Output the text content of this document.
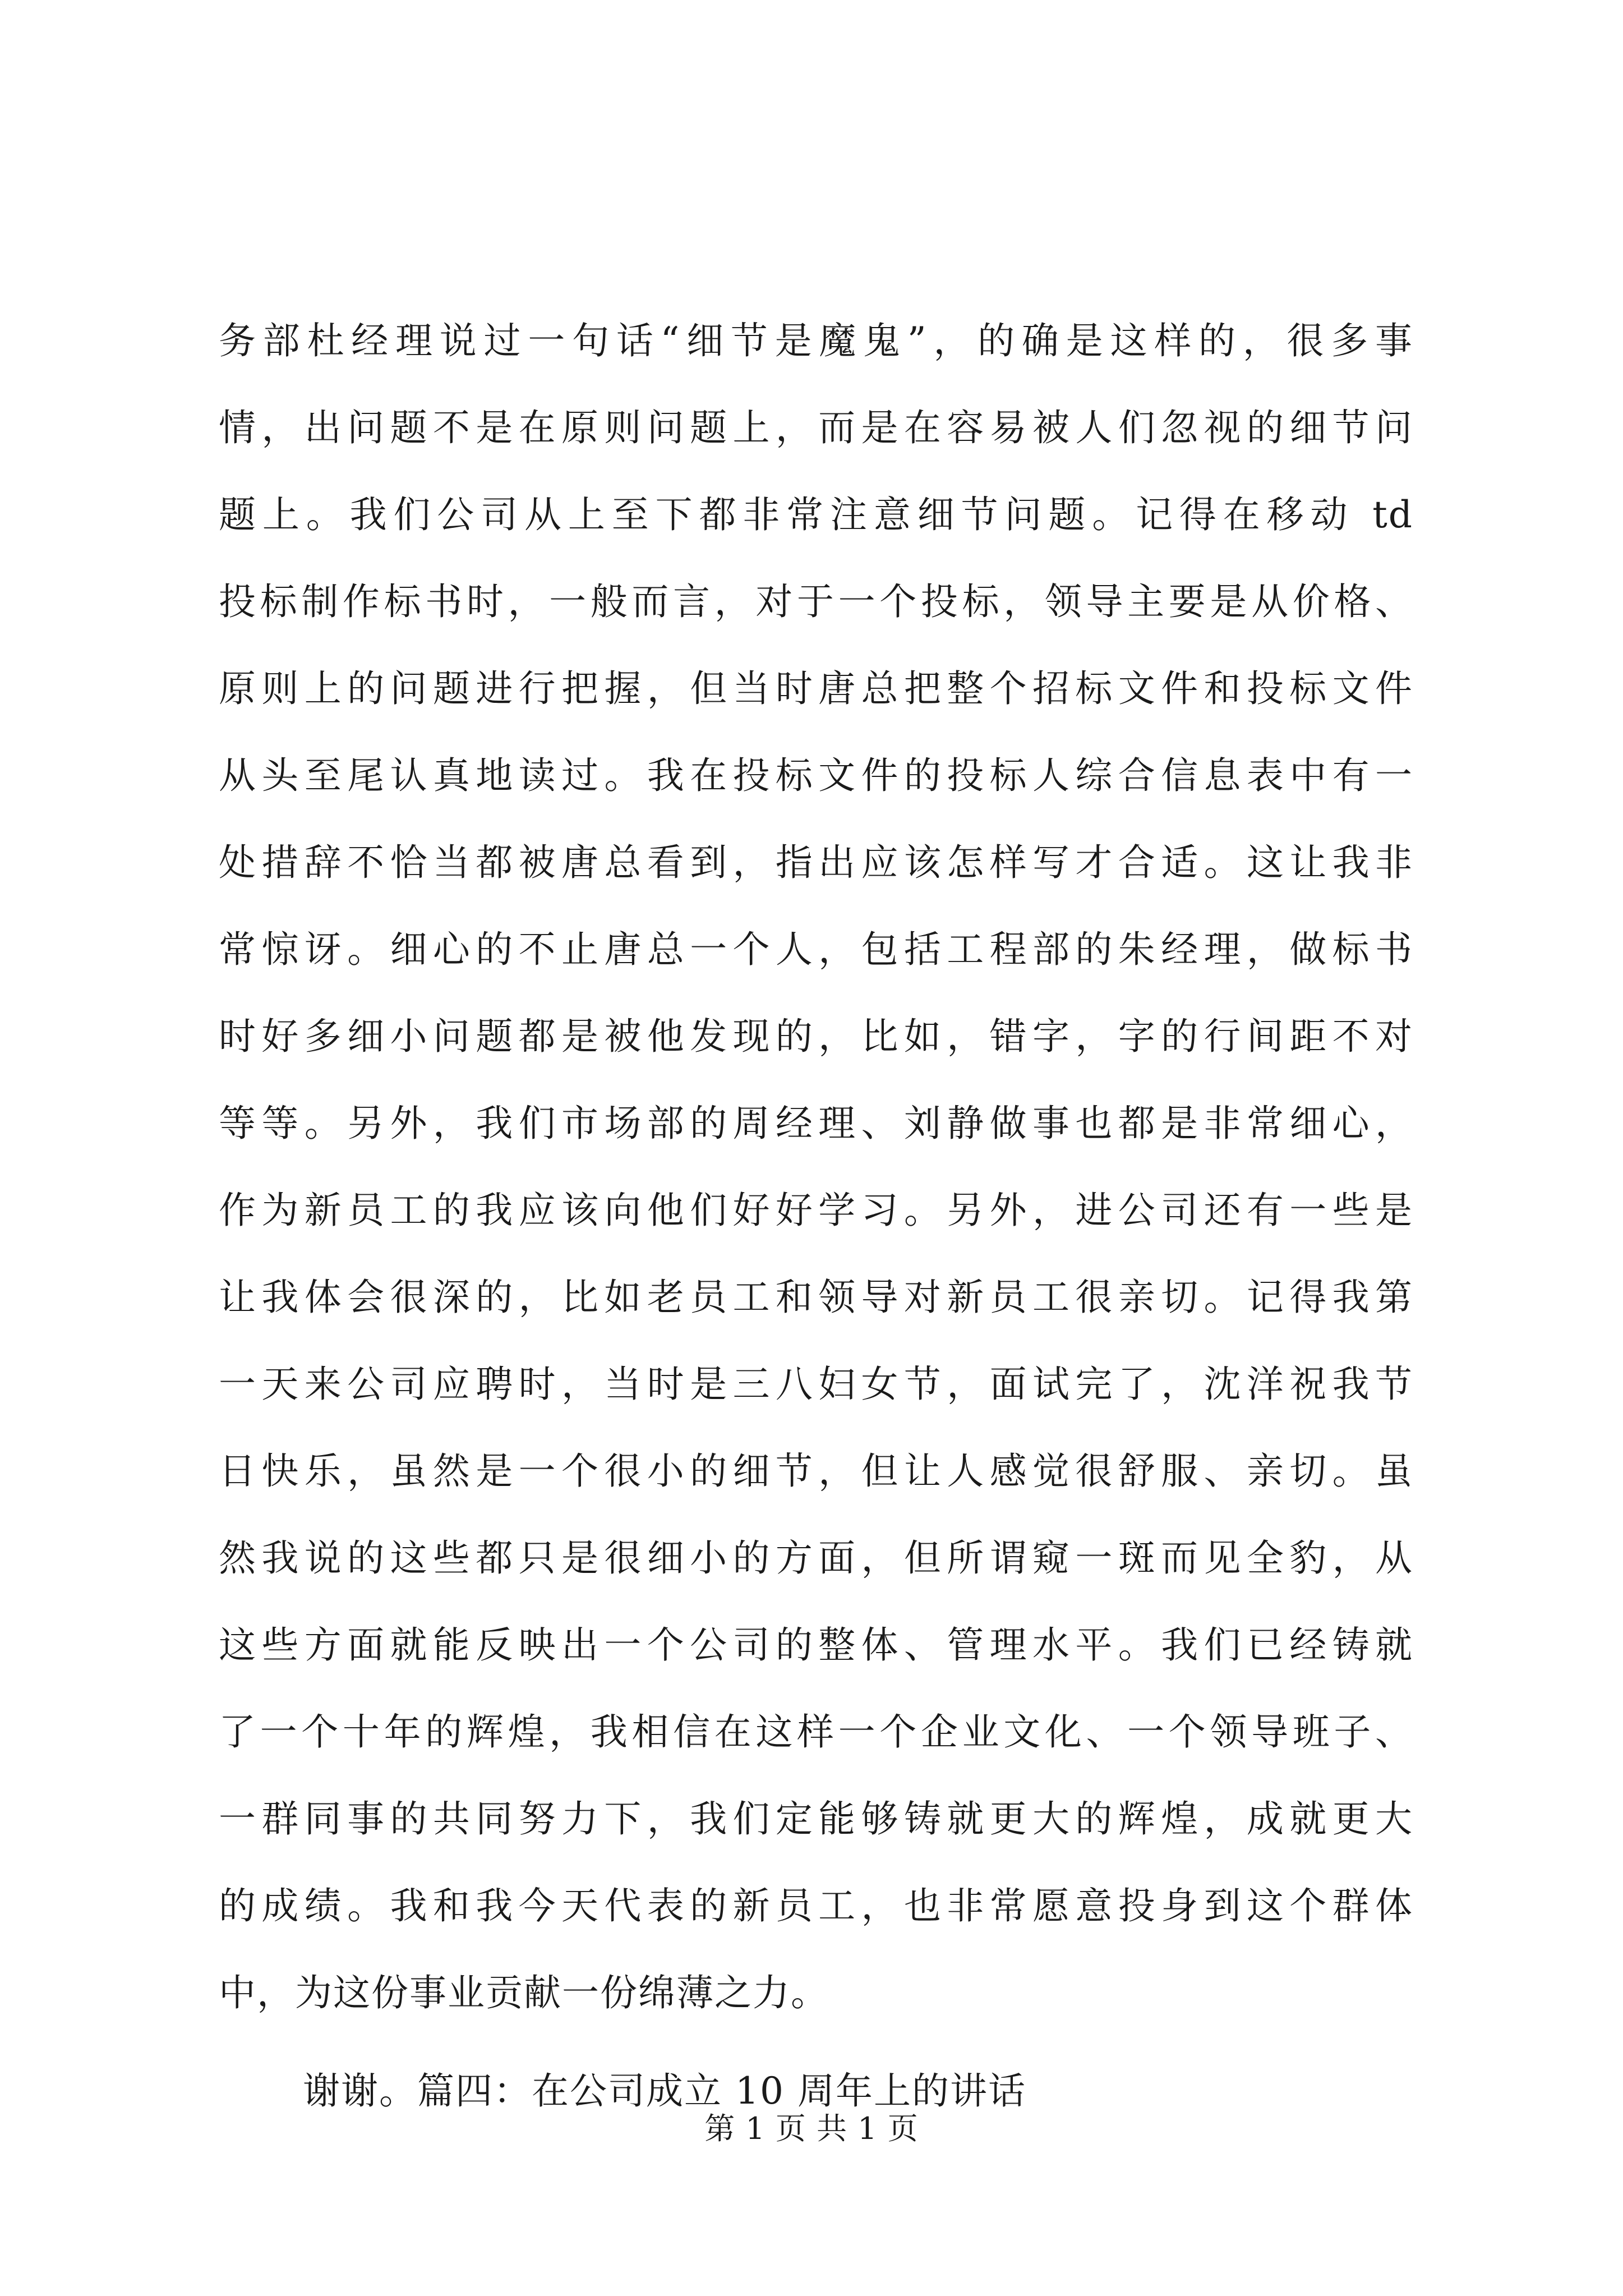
务部杜经理说过一句话“细节是魔鬼”，的确是这样的，很多事
情，出问题不是在原则问题上，而是在容易被人们忽视的细节问
题上。我们公司从上至下都非常注意细节问题。记得在移动 td
投标制作标书时，一般而言，对于一个投标，领导主要是从价格、
原则上的问题进行把握，但当时唐总把整个招标文件和投标文件
从头至尾认真地读过。我在投标文件的投标人综合信息表中有一
处措辞不恰当都被唐总看到，指出应该怎样写才合适。这让我非
常惊讶。细心的不止唐总一个人，包括工程部的朱经理，做标书
时好多细小问题都是被他发现的，比如，错字，字的行间距不对
等等。另外，我们市场部的周经理、刘静做事也都是非常细心，
作为新员工的我应该向他们好好学习。另外，进公司还有一些是
让我体会很深的，比如老员工和领导对新员工很亲切。记得我第
一天来公司应聘时，当时是三八妇女节，面试完了，沈洋祝我节
日快乐，虽然是一个很小的细节，但让人感觉很舒服、亲切。虽
然我说的这些都只是很细小的方面，但所谓窥一斑而见全豹，从
这些方面就能反映出一个公司的整体、管理水平。我们已经铸就
了一个十年的辉煌，我相信在这样一个企业文化、一个领导班子、
一群同事的共同努力下，我们定能够铸就更大的辉煌，成就更大
的成绩。我和我今天代表的新员工，也非常愿意投身到这个群体
中，为这份事业贡献一份绵薄之力。
谢谢。篇四：在公司成立 10 周年上的讲话
第 1 页 共 1 页
